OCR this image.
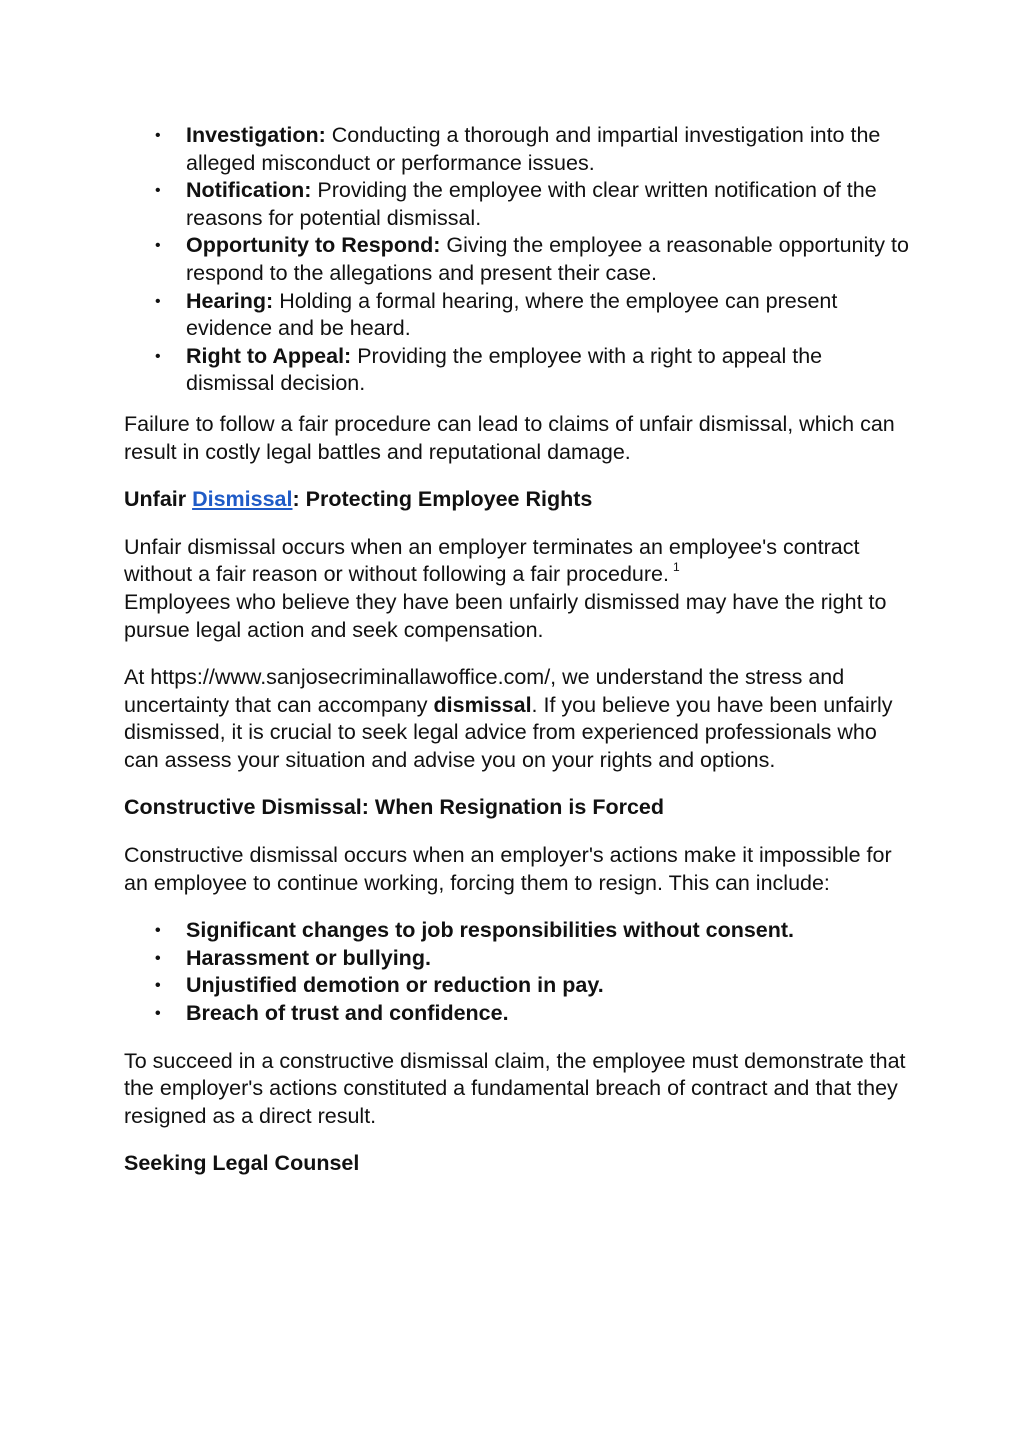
• Investigation: Conducting a thorough and impartial investigation into the alleged misconduct or performance issues.
• Notification: Providing the employee with clear written notification of the reasons for potential dismissal.
• Opportunity to Respond: Giving the employee a reasonable opportunity to respond to the allegations and present their case.
• Hearing: Holding a formal hearing, where the employee can present evidence and be heard.
• Right to Appeal: Providing the employee with a right to appeal the dismissal decision.

Failure to follow a fair procedure can lead to claims of unfair dismissal, which can result in costly legal battles and reputational damage.

Unfair Dismissal: Protecting Employee Rights

Unfair dismissal occurs when an employer terminates an employee's contract without a fair reason or without following a fair procedure. $^1$
Employees who believe they have been unfairly dismissed may have the right to pursue legal action and seek compensation.

At https://www.sanjosecriminallawoffice.com/, we understand the stress and uncertainty that can accompany dismissal. If you believe you have been unfairly dismissed, it is crucial to seek legal advice from experienced professionals who can assess your situation and advise you on your rights and options.

Constructive Dismissal: When Resignation is Forced

Constructive dismissal occurs when an employer's actions make it impossible for an employee to continue working, forcing them to resign. This can include:

• Significant changes to job responsibilities without consent.
• Harassment or bullying.
• Unjustified demotion or reduction in pay.
• Breach of trust and confidence.

To succeed in a constructive dismissal claim, the employee must demonstrate that the employer's actions constituted a fundamental breach of contract and that they resigned as a direct result.

Seeking Legal Counsel
